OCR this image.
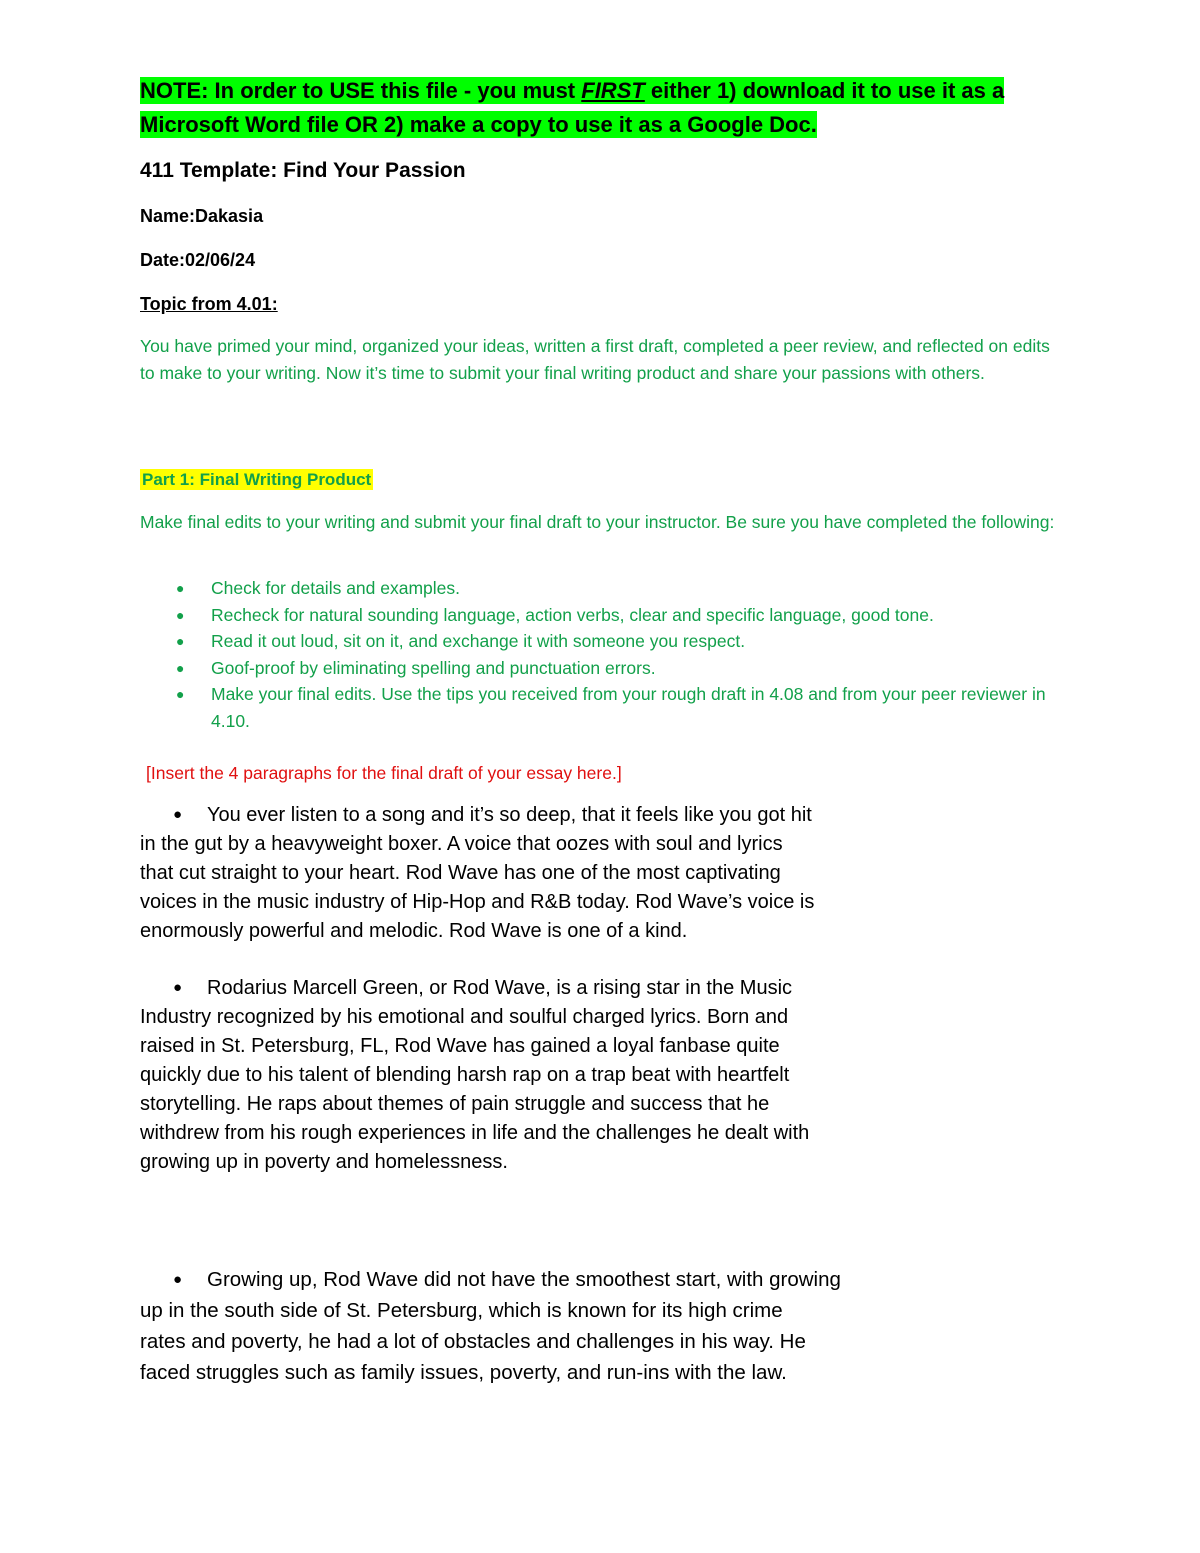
NOTE: In order to USE this file - you must FIRST either 1) download it to use it as a Microsoft Word file OR 2) make a copy to use it as a Google Doc.
411 Template: Find Your Passion
Name:Dakasia
Date:02/06/24
Topic from 4.01:
You have primed your mind, organized your ideas, written a first draft, completed a peer review, and reflected on edits to make to your writing. Now it’s time to submit your final writing product and share your passions with others.
Part 1: Final Writing Product
Make final edits to your writing and submit your final draft to your instructor. Be sure you have completed the following:
● Check for details and examples.
● Recheck for natural sounding language, action verbs, clear and specific language, good tone.
● Read it out loud, sit on it, and exchange it with someone you respect.
● Goof-proof by eliminating spelling and punctuation errors.
● Make your final edits. Use the tips you received from your rough draft in 4.08 and from your peer reviewer in 4.10.
[Insert the 4 paragraphs for the final draft of your essay here.]
● You ever listen to a song and it’s so deep, that it feels like you got hit
in the gut by a heavyweight boxer. A voice that oozes with soul and lyrics
that cut straight to your heart. Rod Wave has one of the most captivating
voices in the music industry of Hip-Hop and R&B today. Rod Wave’s voice is
enormously powerful and melodic. Rod Wave is one of a kind.
● Rodarius Marcell Green, or Rod Wave, is a rising star in the Music
Industry recognized by his emotional and soulful charged lyrics. Born and
raised in St. Petersburg, FL, Rod Wave has gained a loyal fanbase quite
quickly due to his talent of blending harsh rap on a trap beat with heartfelt
storytelling. He raps about themes of pain struggle and success that he
withdrew from his rough experiences in life and the challenges he dealt with
growing up in poverty and homelessness.
● Growing up, Rod Wave did not have the smoothest start, with growing
up in the south side of St. Petersburg, which is known for its high crime
rates and poverty, he had a lot of obstacles and challenges in his way. He
faced struggles such as family issues, poverty, and run-ins with the law.
